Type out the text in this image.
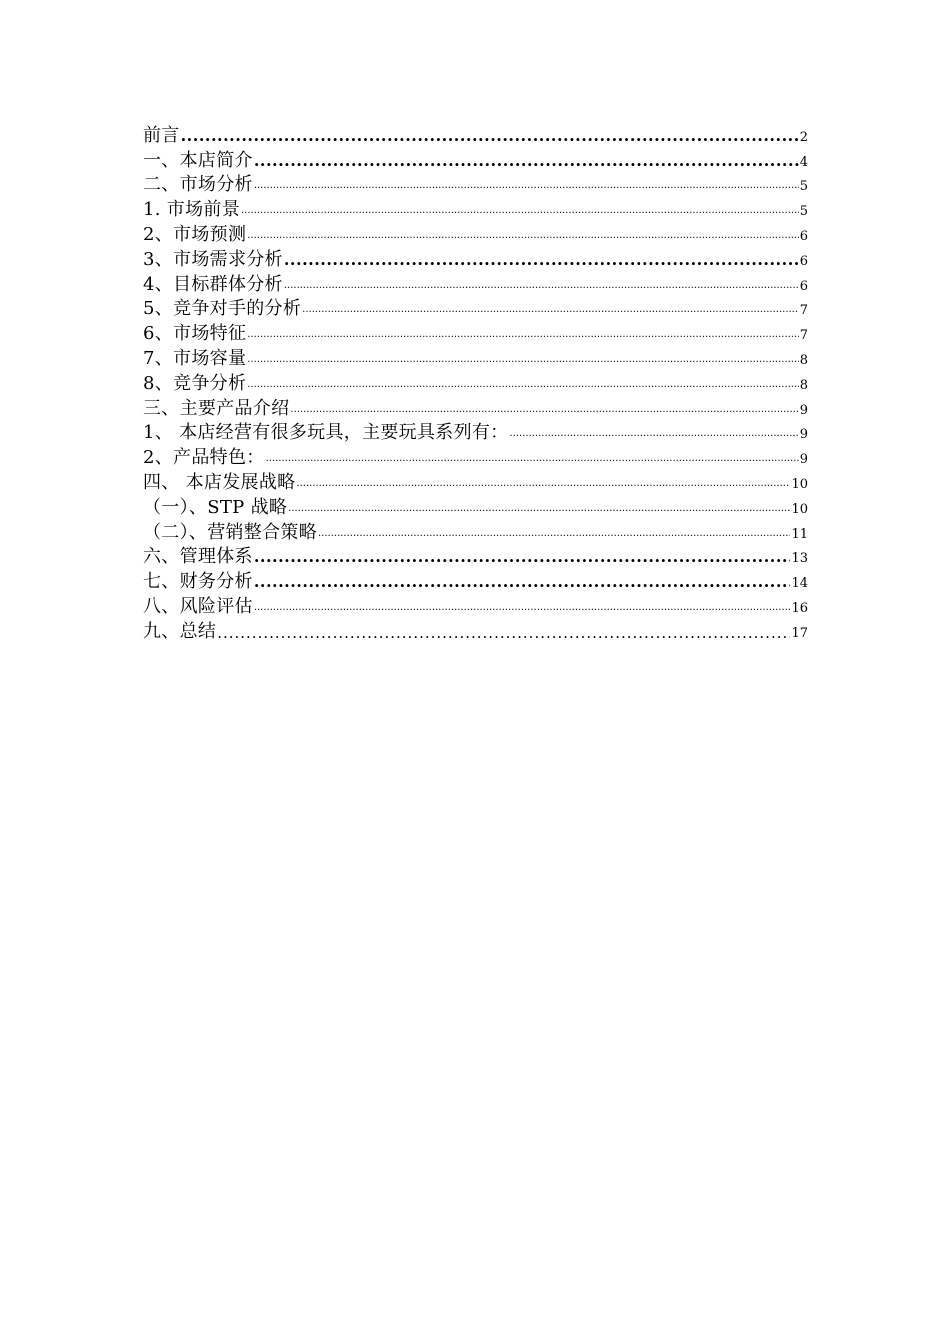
前言 .....	2
一、本店简介 .....	4
二、市场分析 .....	5
1. 市场前景 .....	5
2、市场预测 .....	6
3、市场需求分析 .....	6
4、目标群体分析 .....	6
5、竞争对手的分析 .....	7
6、市场特征 .....	7
7、市场容量 .....	8
8、竞争分析 .....	8
三、主要产品介绍 .....	9
1、 本店经营有很多玩具，主要玩具系列有： .....	9
2、产品特色： .....	9
四、 本店发展战略 .....	10
（一）、STP 战略 .....	10
（二）、营销整合策略 .....	11
六、管理体系 .....	13
七、财务分析 .....	14
八、风险评估 .....	16
九、总结 .....	17
